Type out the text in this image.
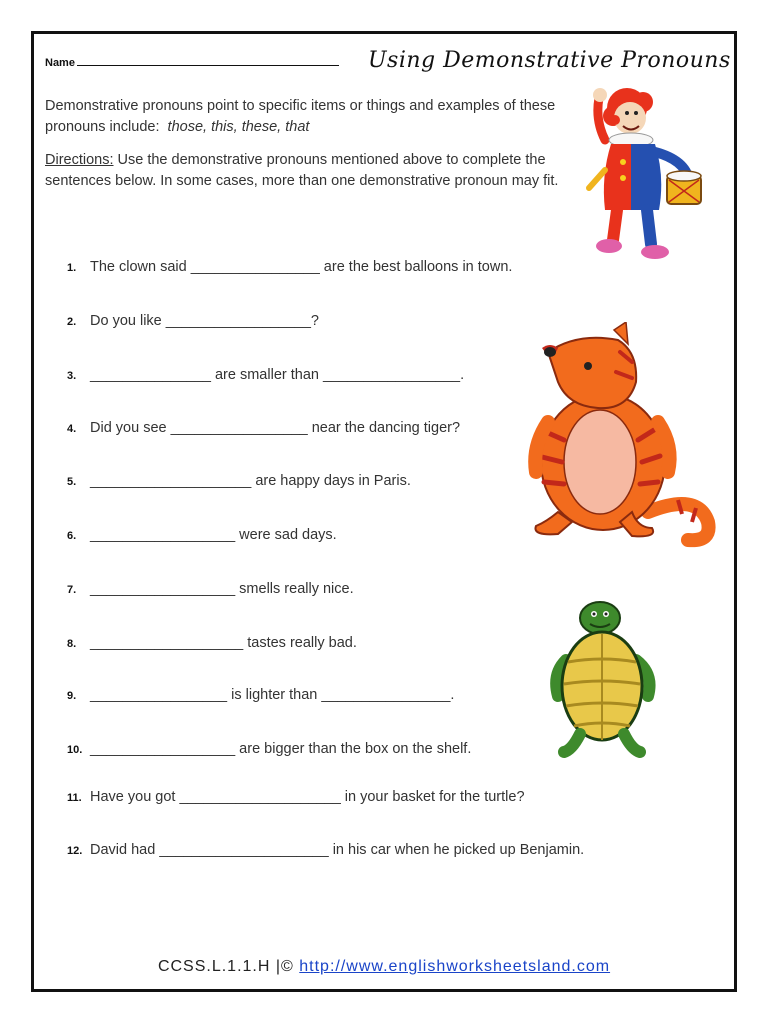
Name	Using Demonstrative Pronouns
Demonstrative pronouns point to specific items or things and examples of these pronouns include: those, this, these, that
Directions: Use the demonstrative pronouns mentioned above to complete the sentences below. In some cases, more than one demonstrative pronoun may fit.
1. The clown said ________________ are the best balloons in town.
2. Do you like __________________?
3. _______________ are smaller than _________________.
4. Did you see _________________ near the dancing tiger?
5. ____________________ are happy days in Paris.
6. __________________ were sad days.
7. __________________ smells really nice.
8. ___________________ tastes really bad.
9. _________________ is lighter than ________________.
10. __________________ are bigger than the box on the shelf.
11. Have you got ____________________ in your basket for the turtle?
12. David had _____________________ in his car when he picked up Benjamin.
CCSS.L.1.1.H |© http://www.englishworksheetsland.com
